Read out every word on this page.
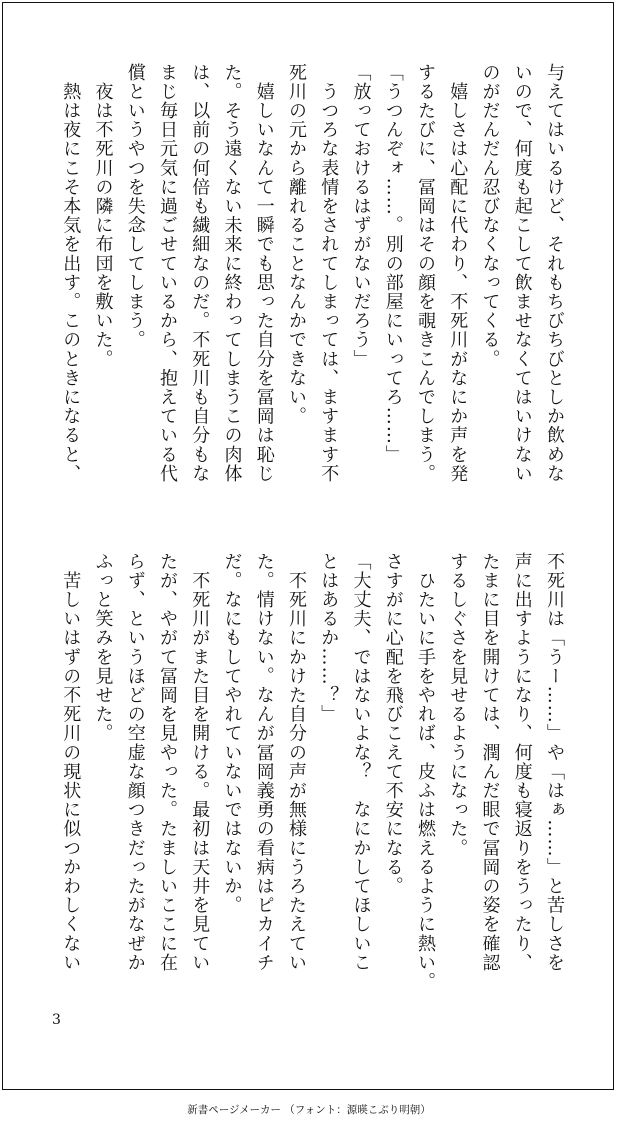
与えてはいるけど、それもちびちびとしか飲めな
いので、何度も起こして飲ませなくてはいけない
のがだんだん忍びなくなってくる。
　嬉しさは心配に代わり、不死川がなにか声を発
するたびに、冨岡はその顔を覗きこんでしまう。
「うつんぞォ……。別の部屋にいってろ……」
「放っておけるはずがないだろう」
　うつろな表情をされてしまっては、ますます不
死川の元から離れることなんかできない。
　嬉しいなんて一瞬でも思った自分を冨岡は恥じ
た。そう遠くない未来に終わってしまうこの肉体
は、以前の何倍も繊細なのだ。不死川も自分もな
まじ毎日元気に過ごせているから、抱えている代
償というやつを失念してしまう。
　夜は不死川の隣に布団を敷いた。
　熱は夜にこそ本気を出す。このときになると、
不死川は「うー……」や「はぁ……」と苦しさを
声に出すようになり、何度も寝返りをうったり、
たまに目を開けては、潤んだ眼で冨岡の姿を確認
するしぐさを見せるようになった。
　ひたいに手をやれば、皮ふは燃えるように熱い。
さすがに心配を飛びこえて不安になる。
「大丈夫、ではないよな？　なにかしてほしいこ
とはあるか……？」
　不死川にかけた自分の声が無様にうろたえてい
た。情けない。なんが冨岡義勇の看病はピカイチ
だ。なにもしてやれていないではないか。
　不死川がまた目を開ける。最初は天井を見てい
たが、やがて冨岡を見やった。たましいここに在
らず、というほどの空虚な顔つきだったがなぜか
ふっと笑みを見せた。
　苦しいはずの不死川の現状に似つかわしくない
3
新書ページメーカー （フォント：源暎こぶり明朝）
